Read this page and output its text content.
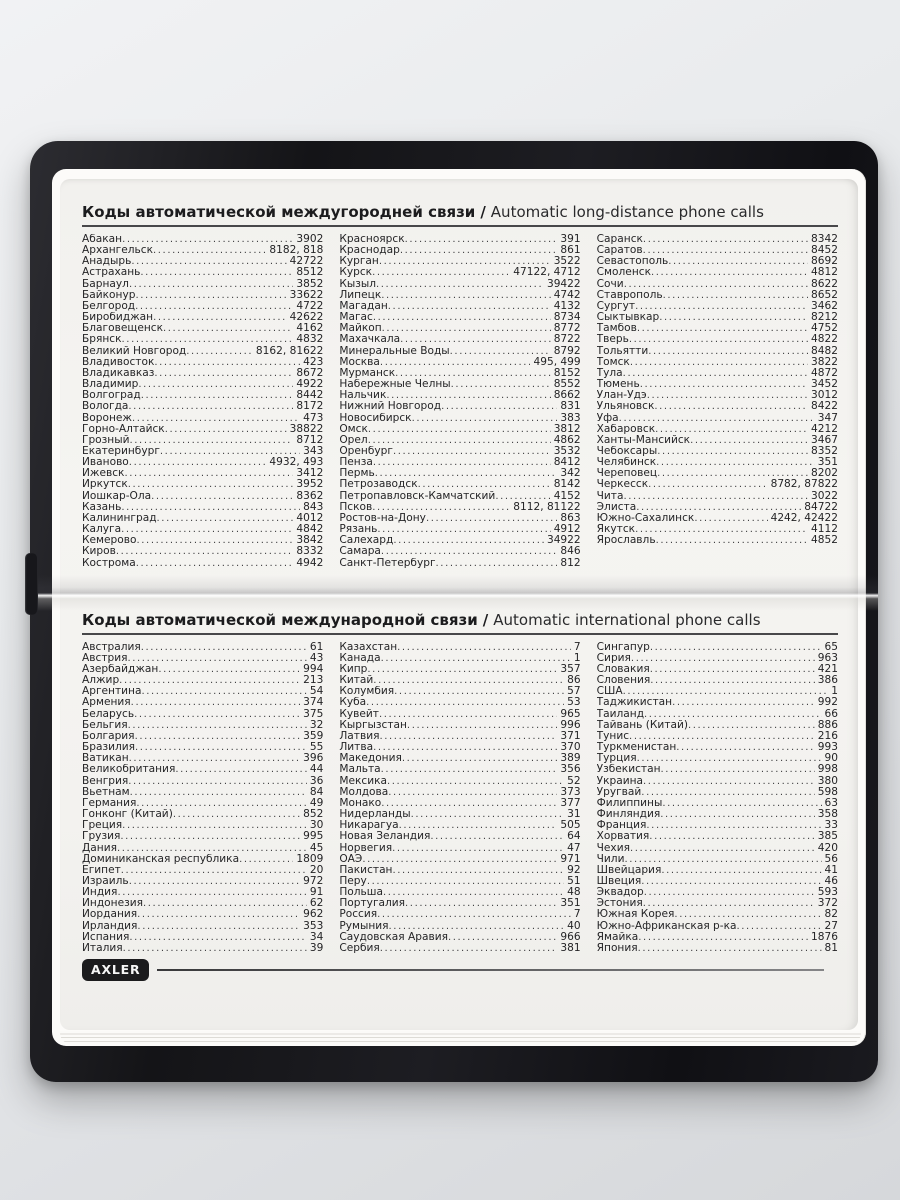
Коды автоматической междугородней связи / Automatic long-distance phone calls
Абакан .....	3902
Архангельск .....	8182, 818
Анадырь .....	42722
Астрахань .....	8512
Барнаул .....	3852
Байконур .....	33622
Белгород .....	4722
Биробиджан .....	42622
Благовещенск .....	4162
Брянск .....	4832
Великий Новгород .....	8162, 81622
Владивосток .....	423
Владикавказ .....	8672
Владимир .....	4922
Волгоград .....	8442
Вологда .....	8172
Воронеж .....	473
Горно-Алтайск .....	38822
Грозный .....	8712
Екатеринбург .....	343
Иваново .....	4932, 493
Ижевск .....	3412
Иркутск .....	3952
Йошкар-Ола .....	8362
Казань .....	843
Калининград .....	4012
Калуга .....	4842
Кемерово .....	3842
Киров .....	8332
Кострома .....	4942
Красноярск .....	391
Краснодар .....	861
Курган .....	3522
Курск .....	47122, 4712
Кызыл .....	39422
Липецк .....	4742
Магадан .....	4132
Магас .....	8734
Майкоп .....	8772
Махачкала .....	8722
Минеральные Воды .....	8792
Москва .....	495, 499
Мурманск .....	8152
Набережные Челны .....	8552
Нальчик .....	8662
Нижний Новгород .....	831
Новосибирск .....	383
Омск .....	3812
Орел .....	4862
Оренбург .....	3532
Пенза .....	8412
Пермь .....	342
Петрозаводск .....	8142
Петропавловск-Камчатский .....	4152
Псков .....	8112, 81122
Ростов-на-Дону .....	863
Рязань .....	4912
Салехард .....	34922
Самара .....	846
Санкт-Петербург .....	812
Саранск .....	8342
Саратов .....	8452
Севастополь .....	8692
Смоленск .....	4812
Сочи .....	8622
Ставрополь .....	8652
Сургут .....	3462
Сыктывкар .....	8212
Тамбов .....	4752
Тверь .....	4822
Тольятти .....	8482
Томск .....	3822
Тула .....	4872
Тюмень .....	3452
Улан-Удэ .....	3012
Ульяновск .....	8422
Уфа .....	347
Хабаровск .....	4212
Ханты-Мансийск .....	3467
Чебоксары .....	8352
Челябинск .....	351
Череповец .....	8202
Черкесск .....	8782, 87822
Чита .....	3022
Элиста .....	84722
Южно-Сахалинск .....	4242, 42422
Якутск .....	4112
Ярославль .....	4852
Коды автоматической международной связи / Automatic international phone calls
Австралия .....	61
Австрия .....	43
Азербайджан .....	994
Алжир .....	213
Аргентина .....	54
Армения .....	374
Беларусь .....	375
Бельгия .....	32
Болгария .....	359
Бразилия .....	55
Ватикан .....	396
Великобритания .....	44
Венгрия .....	36
Вьетнам .....	84
Германия .....	49
Гонконг (Китай) .....	852
Греция .....	30
Грузия .....	995
Дания .....	45
Доминиканская республика .....	1809
Египет .....	20
Израиль .....	972
Индия .....	91
Индонезия .....	62
Иордания .....	962
Ирландия .....	353
Испания .....	34
Италия .....	39
Казахстан .....	7
Канада .....	1
Кипр .....	357
Китай .....	86
Колумбия .....	57
Куба .....	53
Кувейт .....	965
Кыргызстан .....	996
Латвия .....	371
Литва .....	370
Македония .....	389
Мальта .....	356
Мексика .....	52
Молдова .....	373
Монако .....	377
Нидерланды .....	31
Никарагуа .....	505
Новая Зеландия .....	64
Норвегия .....	47
ОАЭ .....	971
Пакистан .....	92
Перу .....	51
Польша .....	48
Португалия .....	351
Россия .....	7
Румыния .....	40
Саудовская Аравия .....	966
Сербия .....	381
Сингапур .....	65
Сирия .....	963
Словакия .....	421
Словения .....	386
США .....	1
Таджикистан .....	992
Таиланд .....	66
Тайвань (Китай) .....	886
Тунис .....	216
Туркменистан .....	993
Турция .....	90
Узбекистан .....	998
Украина .....	380
Уругвай .....	598
Филиппины .....	63
Финляндия .....	358
Франция .....	33
Хорватия .....	385
Чехия .....	420
Чили .....	56
Швейцария .....	41
Швеция .....	46
Эквадор .....	593
Эстония .....	372
Южная Корея .....	82
Южно-Африканская р-ка .....	27
Ямайка .....	1876
Япония .....	81
AXLER
